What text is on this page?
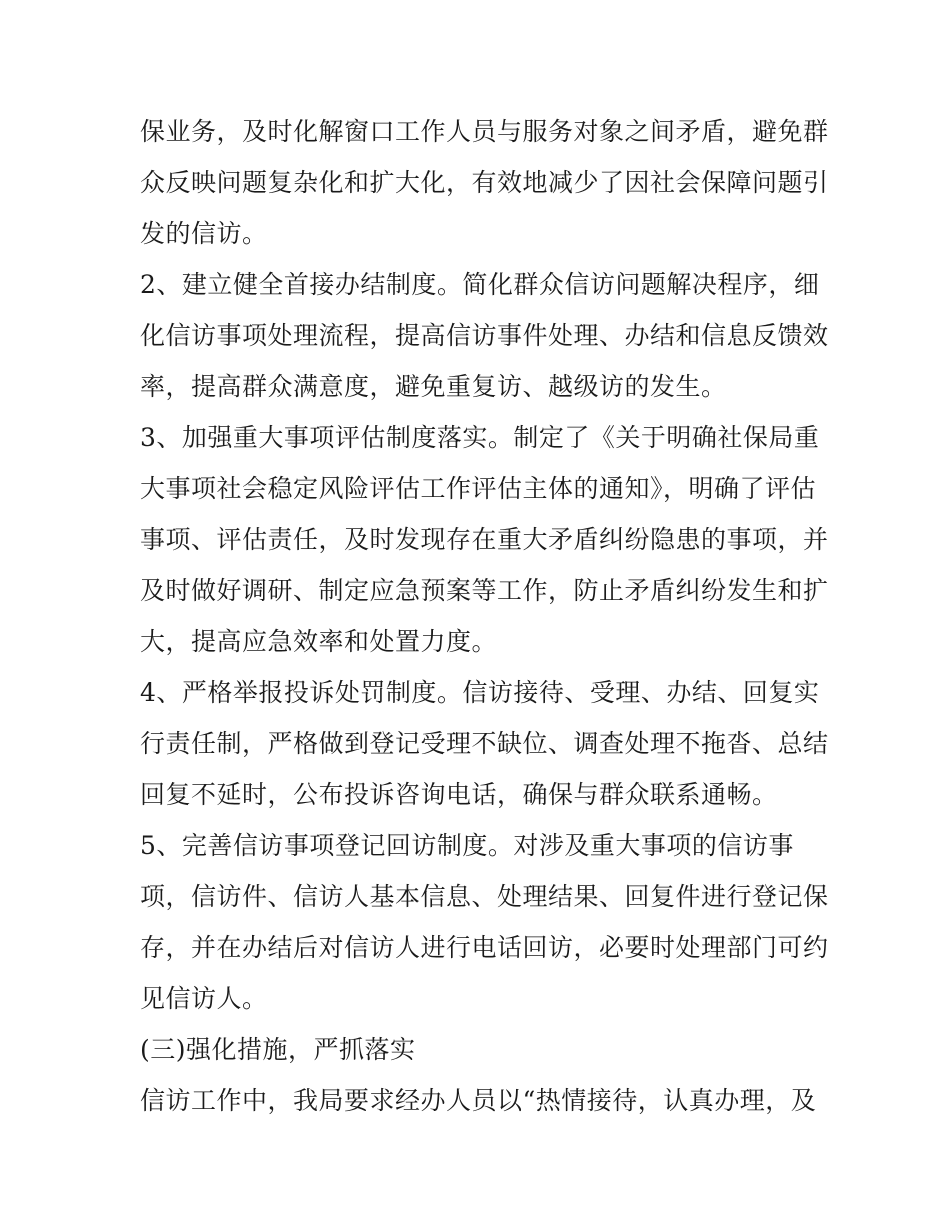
保业务，及时化解窗口工作人员与服务对象之间矛盾，避免群
众反映问题复杂化和扩大化，有效地减少了因社会保障问题引
发的信访。

2、建立健全首接办结制度。简化群众信访问题解决程序，细
化信访事项处理流程，提高信访事件处理、办结和信息反馈效
率，提高群众满意度，避免重复访、越级访的发生。

3、加强重大事项评估制度落实。制定了《关于明确社保局重
大事项社会稳定风险评估工作评估主体的通知》，明确了评估
事项、评估责任，及时发现存在重大矛盾纠纷隐患的事项，并
及时做好调研、制定应急预案等工作，防止矛盾纠纷发生和扩
大，提高应急效率和处置力度。

4、严格举报投诉处罚制度。信访接待、受理、办结、回复实
行责任制，严格做到登记受理不缺位、调查处理不拖沓、总结
回复不延时，公布投诉咨询电话，确保与群众联系通畅。

5、完善信访事项登记回访制度。对涉及重大事项的信访事
项，信访件、信访人基本信息、处理结果、回复件进行登记保
存，并在办结后对信访人进行电话回访，必要时处理部门可约
见信访人。

(三)强化措施，严抓落实

信访工作中，我局要求经办人员以“热情接待，认真办理，及
